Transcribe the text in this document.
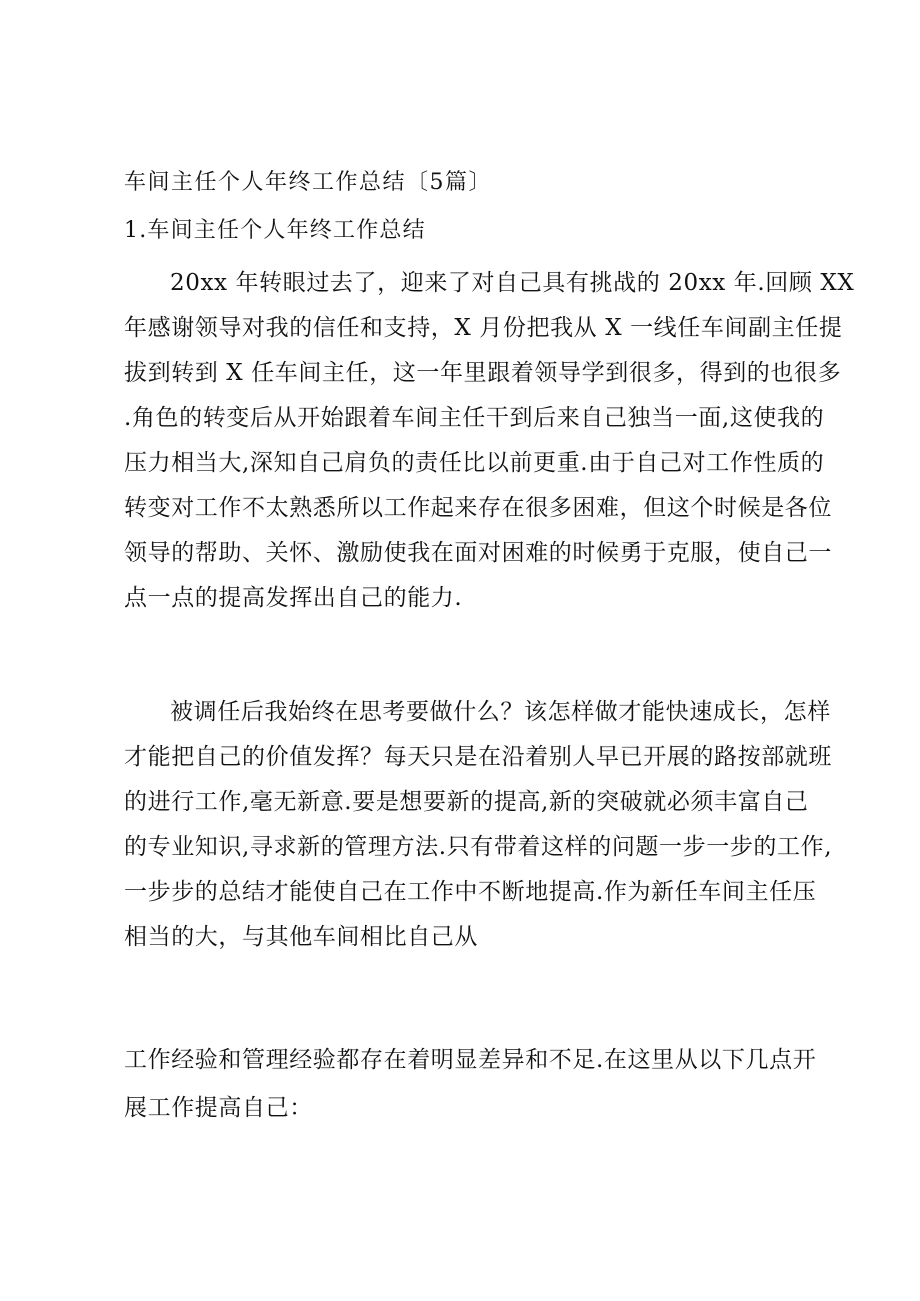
车间主任个人年终工作总结〔5篇〕
1.车间主任个人年终工作总结
20xx 年转眼过去了，迎来了对自己具有挑战的 20xx 年.回顾 XX
年感谢领导对我的信任和支持，X 月份把我从 X 一线任车间副主任提
拔到转到 X 任车间主任，这一年里跟着领导学到很多，得到的也很多
.角色的转变后从开始跟着车间主任干到后来自己独当一面,这使我的
压力相当大,深知自己肩负的责任比以前更重.由于自己对工作性质的
转变对工作不太熟悉所以工作起来存在很多困难，但这个时候是各位
领导的帮助、关怀、激励使我在面对困难的时候勇于克服，使自己一
点一点的提高发挥出自己的能力.
被调任后我始终在思考要做什么？该怎样做才能快速成长，怎样
才能把自己的价值发挥？每天只是在沿着别人早已开展的路按部就班
的进行工作,毫无新意.要是想要新的提高,新的突破就必须丰富自己
的专业知识,寻求新的管理方法.只有带着这样的问题一步一步的工作,
一步步的总结才能使自己在工作中不断地提高.作为新任车间主任压
相当的大，与其他车间相比自己从
工作经验和管理经验都存在着明显差异和不足.在这里从以下几点开
展工作提高自己：
